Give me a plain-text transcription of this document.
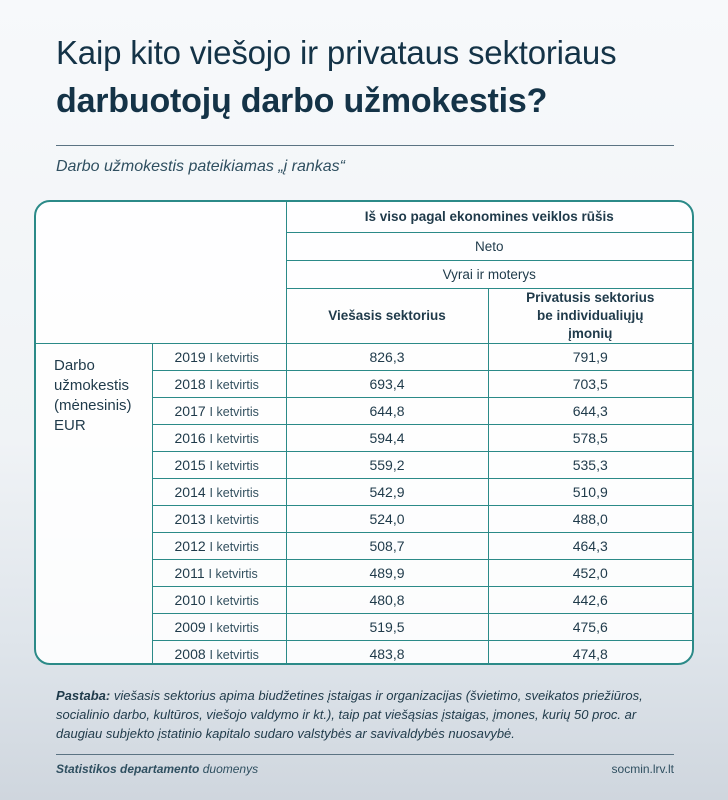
Kaip kito viešojo ir privataus sektoriaus
darbuotojų darbo užmokestis?
Darbo užmokestis pateikiamas „į rankas“
		Iš viso pagal ekonomines veiklos rūšis	
		Neto	
		Vyrai ir moterys	
		Viešasis sektorius	Privatusis sektorius be individualiųjų įmonių
Darbo užmokestis (mėnesinis) EUR	2019 I ketvirtis	826,3	791,9
	2018 I ketvirtis	693,4	703,5
	2017 I ketvirtis	644,8	644,3
	2016 I ketvirtis	594,4	578,5
	2015 I ketvirtis	559,2	535,3
	2014 I ketvirtis	542,9	510,9
	2013 I ketvirtis	524,0	488,0
	2012 I ketvirtis	508,7	464,3
	2011 I ketvirtis	489,9	452,0
	2010 I ketvirtis	480,8	442,6
	2009 I ketvirtis	519,5	475,6
	2008 I ketvirtis	483,8	474,8
Pastaba: viešasis sektorius apima biudžetines įstaigas ir organizacijas (švietimo, sveikatos priežiūros, socialinio darbo, kultūros, viešojo valdymo ir kt.), taip pat viešąsias įstaigas, įmones, kurių 50 proc. ar daugiau subjekto įstatinio kapitalo sudaro valstybės ar savivaldybės nuosavybė.
Statistikos departamento duomenys	socmin.lrv.lt
